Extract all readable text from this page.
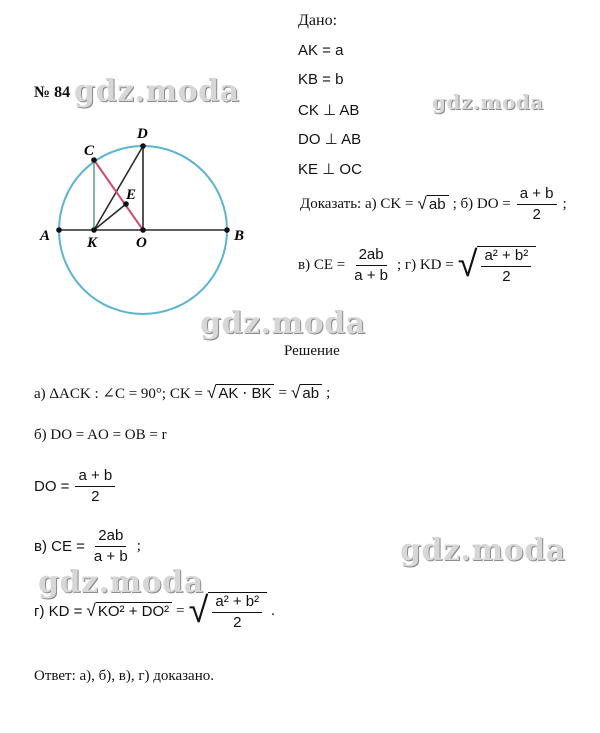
№ 84 gdz.moda	gdz.moda
gdz.moda
gdz.moda
gdz.moda
A	B
C
D
E
K	O
Дано:
AK = a
KB = b
CK ⊥ AB
DO ⊥ AB
KE ⊥ OC
Доказать: а) CK = √ ab ; б) DO = $\frac{a + b}{2}$ ;
в) CE = $\frac{2ab}{a + b}$ ; г) KD = √ $\frac{\text{a² + b²}}{2}$
Решение
а) ΔACK : ∠C = 90°; CK = √ AK ⋅ BK = √ ab ;
б) DO = AO = OB = r
DO = $\frac{a + b}{2}$
в) CE = $\frac{2ab}{a + b}$ ;
г) KD = √ KO² + DO² = √ $\frac{\text{a² + b²}}{2}$ .
Ответ: а), б), в), г) доказано.
